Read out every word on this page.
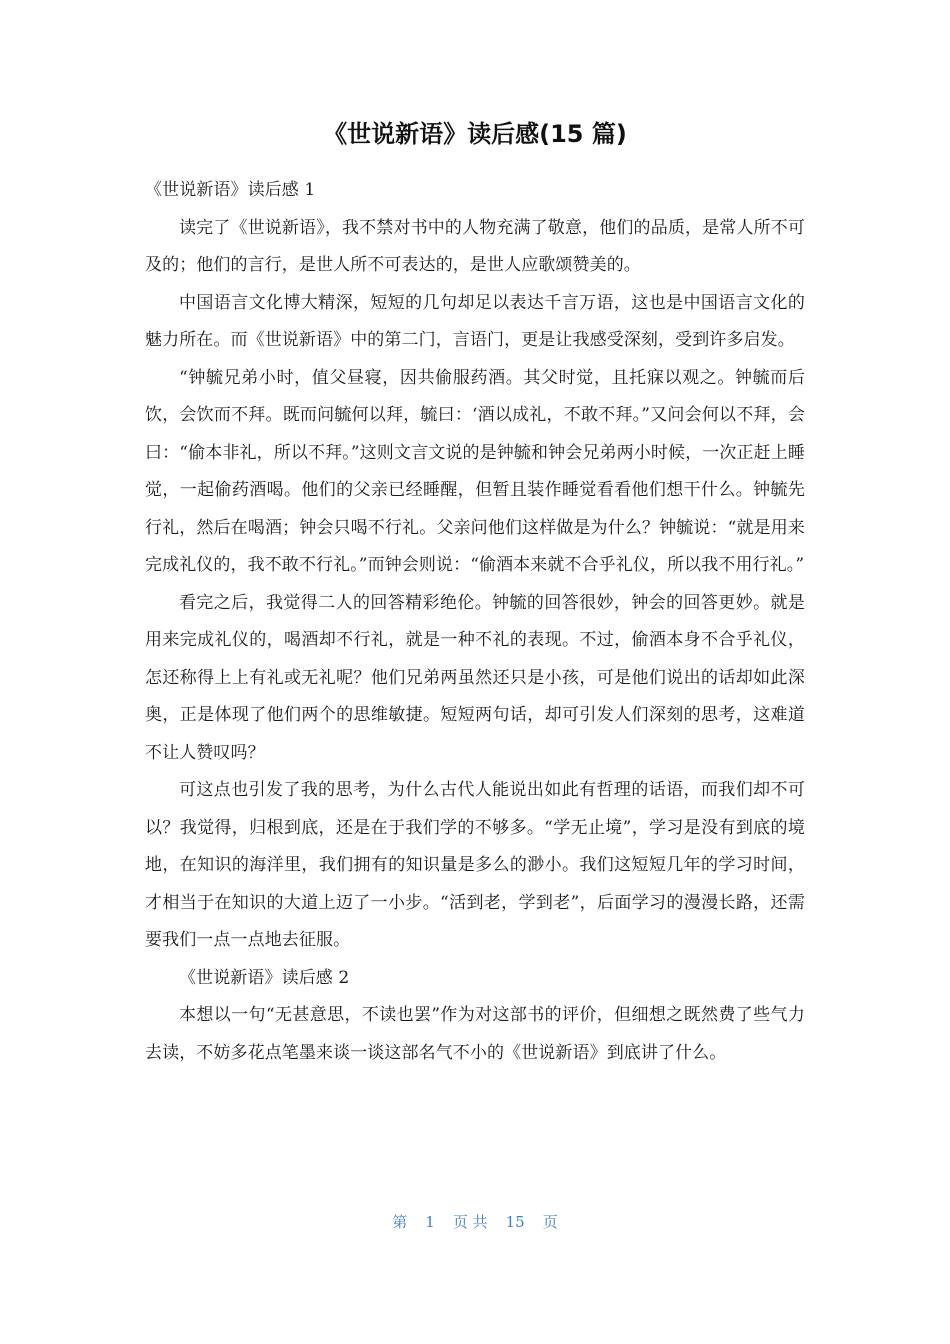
《世说新语》读后感(15 篇)

《世说新语》读后感 1

读完了《世说新语》，我不禁对书中的人物充满了敬意，他们的品质，是常人所不可及的；他们的言行，是世人所不可表达的，是世人应歌颂赞美的。

中国语言文化博大精深，短短的几句却足以表达千言万语，这也是中国语言文化的魅力所在。而《世说新语》中的第二门，言语门，更是让我感受深刻，受到许多启发。

“钟毓兄弟小时，值父昼寝，因共偷服药酒。其父时觉，且托寐以观之。钟毓而后饮，会饮而不拜。既而问毓何以拜，毓曰：‘酒以成礼，不敢不拜。”又问会何以不拜，会曰：“偷本非礼，所以不拜。”这则文言文说的是钟毓和钟会兄弟两小时候，一次正赶上睡觉，一起偷药酒喝。他们的父亲已经睡醒，但暂且装作睡觉看看他们想干什么。钟毓先行礼，然后在喝酒；钟会只喝不行礼。父亲问他们这样做是为什么？钟毓说：“就是用来完成礼仪的，我不敢不行礼。”而钟会则说：“偷酒本来就不合乎礼仪，所以我不用行礼。”

看完之后，我觉得二人的回答精彩绝伦。钟毓的回答很妙，钟会的回答更妙。就是用来完成礼仪的，喝酒却不行礼，就是一种不礼的表现。不过，偷酒本身不合乎礼仪，怎还称得上上有礼或无礼呢？他们兄弟两虽然还只是小孩，可是他们说出的话却如此深奥，正是体现了他们两个的思维敏捷。短短两句话，却可引发人们深刻的思考，这难道不让人赞叹吗？

可这点也引发了我的思考，为什么古代人能说出如此有哲理的话语，而我们却不可以？我觉得，归根到底，还是在于我们学的不够多。“学无止境”，学习是没有到底的境地，在知识的海洋里，我们拥有的知识量是多么的渺小。我们这短短几年的学习时间，才相当于在知识的大道上迈了一小步。“活到老，学到老”，后面学习的漫漫长路，还需要我们一点一点地去征服。

《世说新语》读后感 2

本想以一句“无甚意思，不读也罢”作为对这部书的评价，但细想之既然费了些气力去读，不妨多花点笔墨来谈一谈这部名气不小的《世说新语》到底讲了什么。

第 1 页 共 15 页
